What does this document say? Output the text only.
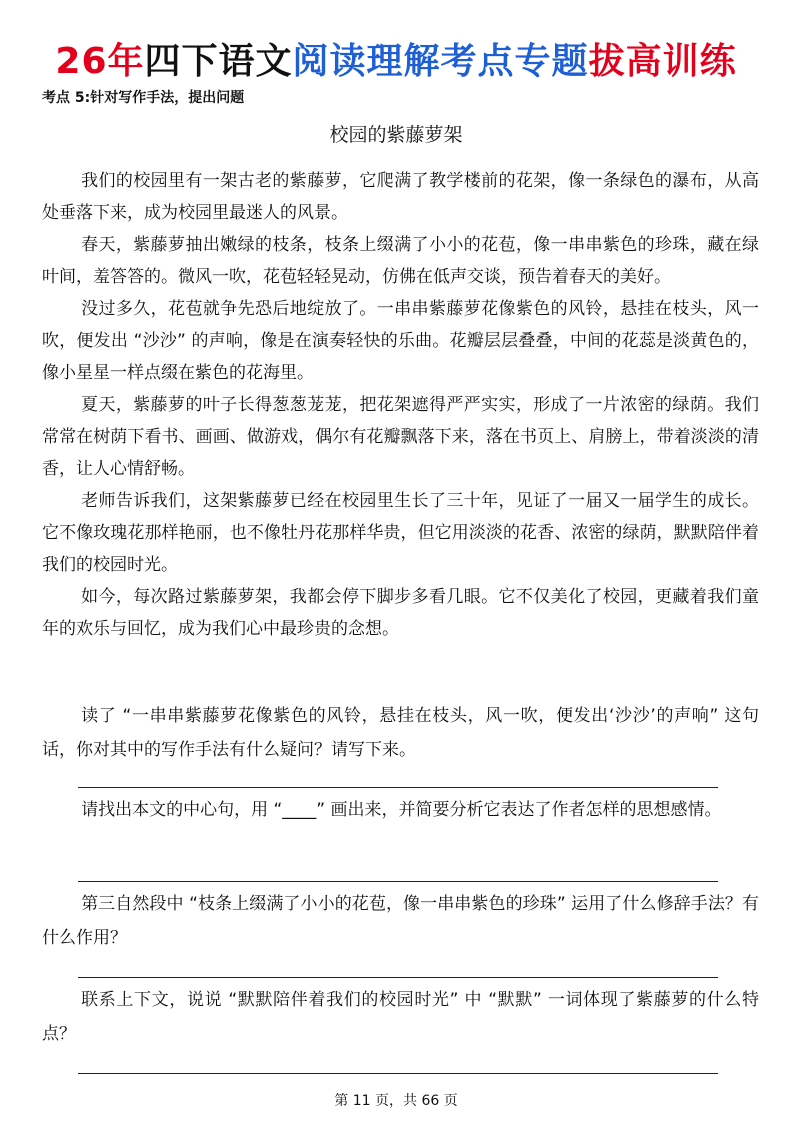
26年四下语文阅读理解考点专题拔高训练
考点 5:针对写作手法，提出问题
校园的紫藤萝架

我们的校园里有一架古老的紫藤萝，它爬满了教学楼前的花架，像一条绿色的瀑布，从高处垂落下来，成为校园里最迷人的风景。

春天，紫藤萝抽出嫩绿的枝条，枝条上缀满了小小的花苞，像一串串紫色的珍珠，藏在绿叶间，羞答答的。微风一吹，花苞轻轻晃动，仿佛在低声交谈，预告着春天的美好。

没过多久，花苞就争先恐后地绽放了。一串串紫藤萝花像紫色的风铃，悬挂在枝头，风一吹，便发出 “沙沙” 的声响，像是在演奏轻快的乐曲。花瓣层层叠叠，中间的花蕊是淡黄色的，像小星星一样点缀在紫色的花海里。

夏天，紫藤萝的叶子长得葱葱茏茏，把花架遮得严严实实，形成了一片浓密的绿荫。我们常常在树荫下看书、画画、做游戏，偶尔有花瓣飘落下来，落在书页上、肩膀上，带着淡淡的清香，让人心情舒畅。

老师告诉我们，这架紫藤萝已经在校园里生长了三十年，见证了一届又一届学生的成长。它不像玫瑰花那样艳丽，也不像牡丹花那样华贵，但它用淡淡的花香、浓密的绿荫，默默陪伴着我们的校园时光。

如今，每次路过紫藤萝架，我都会停下脚步多看几眼。它不仅美化了校园，更藏着我们童年的欢乐与回忆，成为我们心中最珍贵的念想。

读了 “一串串紫藤萝花像紫色的风铃，悬挂在枝头，风一吹，便发出‘沙沙’的声响” 这句话，你对其中的写作手法有什么疑问？请写下来。

请找出本文的中心句，用 “____” 画出来，并简要分析它表达了作者怎样的思想感情。

第三自然段中 “枝条上缀满了小小的花苞，像一串串紫色的珍珠” 运用了什么修辞手法？有什么作用？

联系上下文，说说 “默默陪伴着我们的校园时光” 中 “默默” 一词体现了紫藤萝的什么特点？

第 11 页，共 66 页
